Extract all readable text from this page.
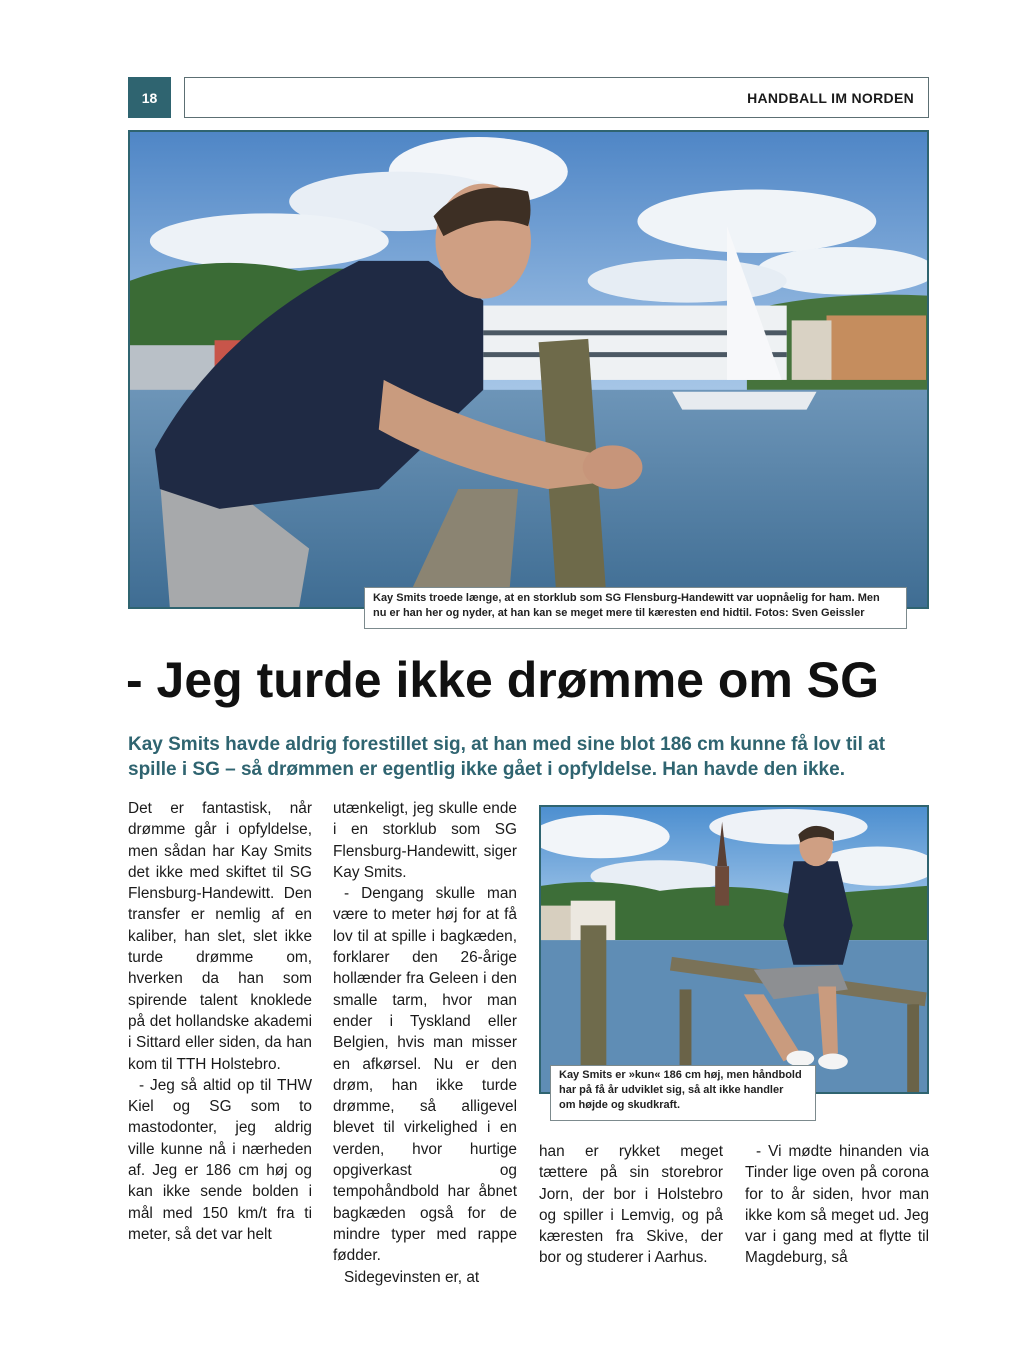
18	HANDBALL IM NORDEN
Kay Smits troede længe, at en storklub som SG Flensburg-Handewitt var uopnåelig for ham. Men
nu er han her og nyder, at han kan se meget mere til kæresten end hidtil. Fotos: Sven Geissler
- Jeg turde ikke drømme om SG

Kay Smits havde aldrig forestillet sig, at han med sine blot 186 cm kunne få lov til at spille i SG – så drømmen er egentlig ikke gået i opfyldelse. Han havde den ikke.

Kay Smits er »kun« 186 cm høj, men håndbold
har på få år udviklet sig, så alt ikke handler
om højde og skudkraft.

Det er fantastisk, når drømme går i opfyldelse, men sådan har Kay Smits det ikke med skiftet til SG Flensburg-Handewitt. Den transfer er nemlig af en kaliber, han slet, slet ikke turde drømme om, hverken da han som spirende talent knoklede på det hollandske akademi i Sittard eller siden, da han kom til TTH Holstebro.

- Jeg så altid op til THW Kiel og SG som to mastodonter, jeg aldrig ville kunne nå i nærheden af. Jeg er 186 cm høj og kan ikke sende bolden i mål med 150 km/t fra ti meter, så det var helt

utænkeligt, jeg skulle ende i en storklub som SG Flensburg-Handewitt, siger Kay Smits.

- Dengang skulle man være to meter høj for at få lov til at spille i bagkæden, forklarer den 26-årige hollænder fra Geleen i den smalle tarm, hvor man ender i Tyskland eller Belgien, hvis man misser en afkørsel. Nu er den drøm, han ikke turde drømme, så alligevel blevet til virkelighed i en verden, hvor hurtige opgiverkast og tempohåndbold har åbnet bagkæden også for de mindre typer med rappe fødder.

Sidegevinsten er, at

han er rykket meget tættere på sin storebror Jorn, der bor i Holstebro og spiller i Lemvig, og på kæresten fra Skive, der bor og studerer i Aarhus.

- Vi mødte hinanden via Tinder lige oven på corona for to år siden, hvor man ikke kom så meget ud. Jeg var i gang med at flytte til Magdeburg, så
